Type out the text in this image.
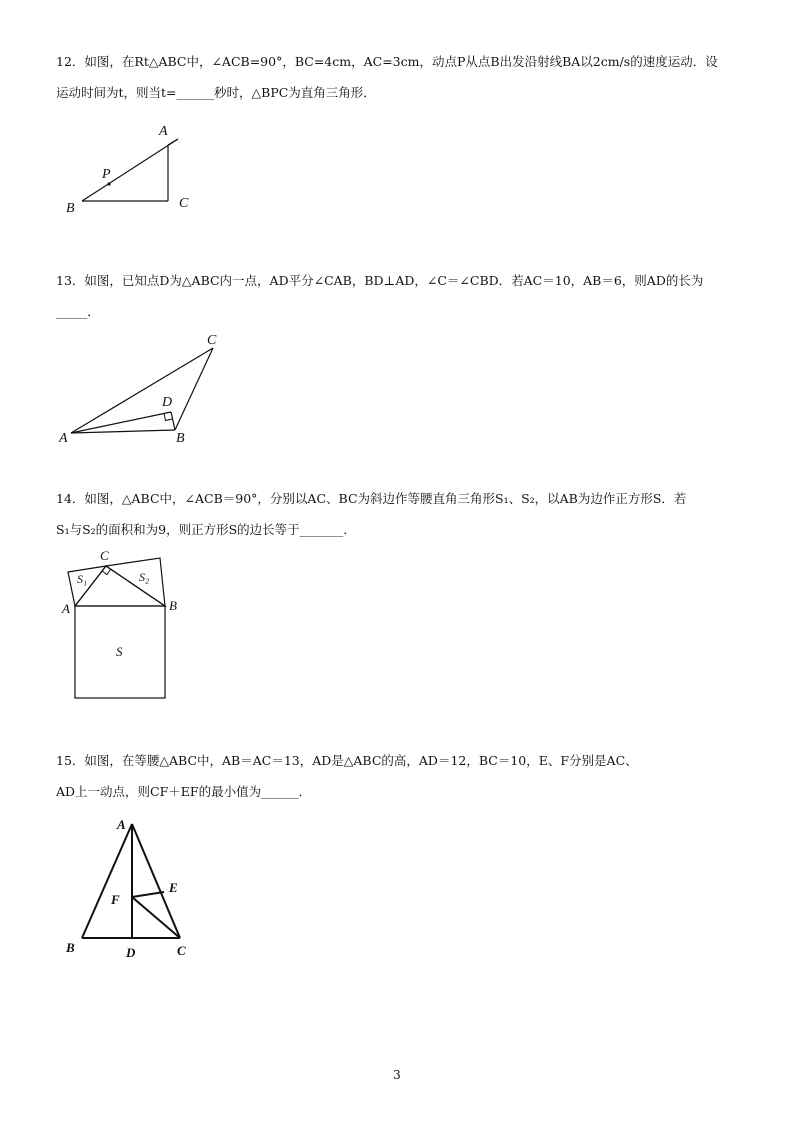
12．如图，在Rt△ABC中，∠ACB=90°，BC=4cm，AC=3cm，动点P从点B出发沿射线BA以2cm/s的速度运动．设

运动时间为t，则当t=______秒时，△BPC为直角三角形．

A
P
B	C

13．如图，已知点D为△ABC内一点，AD平分∠CAB，BD⊥AD，∠C＝∠CBD．若AC＝10，AB＝6，则AD的长为

_____．

C
D
A	B

14．如图，△ABC中，∠ACB＝90°，分别以AC、BC为斜边作等腰直角三角形S₁、S₂，以AB为边作正方形S．若

S₁与S₂的面积和为9，则正方形S的边长等于_______．

C
S₁	S₂
A	B
S

15．如图，在等腰△ABC中，AB＝AC＝13，AD是△ABC的高，AD＝12，BC＝10，E、F分别是AC、

AD上一动点，则CF＋EF的最小值为______．

A
F
E
B	D	C
3
